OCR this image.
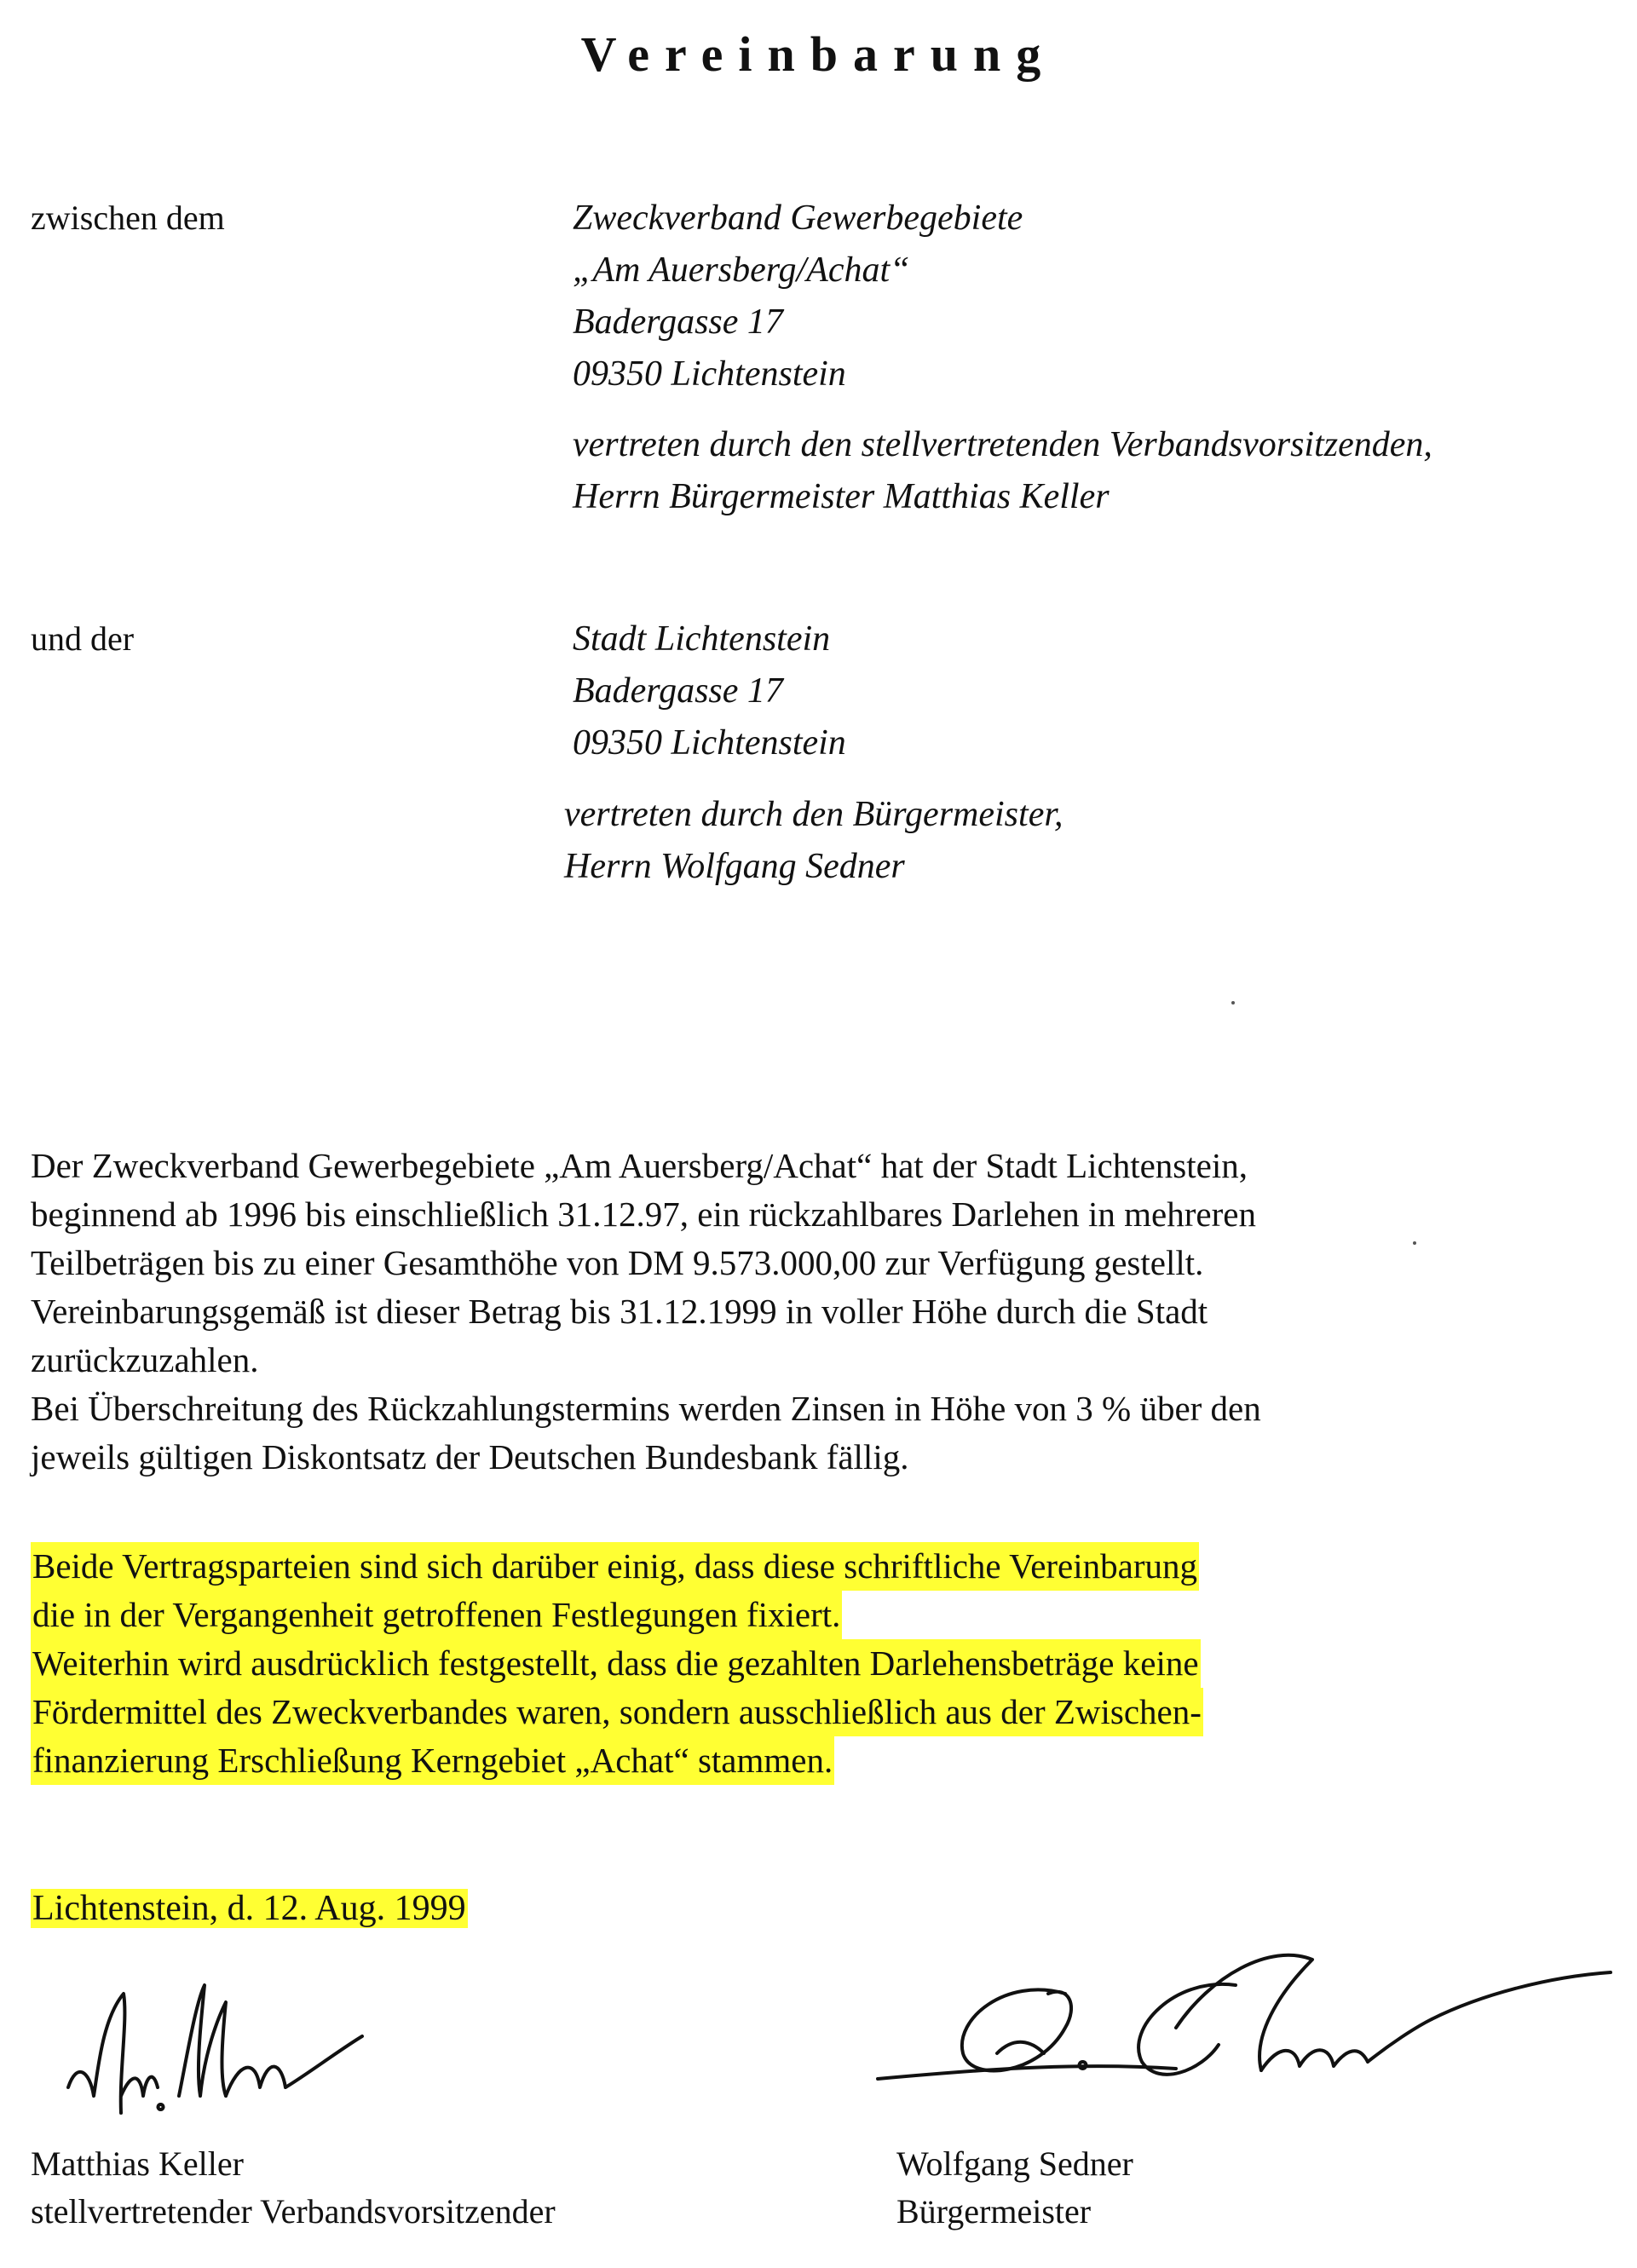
Vereinbarung
zwischen dem	Zweckverband Gewerbegebiete
„Am Auersberg/Achat“
Badergasse 17
09350 Lichtenstein
vertreten durch den stellvertretenden Verbandsvorsitzenden,
Herrn Bürgermeister Matthias Keller
und der	Stadt Lichtenstein
Badergasse 17
09350 Lichtenstein
vertreten durch den Bürgermeister,
Herrn Wolfgang Sedner
Der Zweckverband Gewerbegebiete „Am Auersberg/Achat“ hat der Stadt Lichtenstein,
beginnend ab 1996 bis einschließlich 31.12.97, ein rückzahlbares Darlehen in mehreren
Teilbeträgen bis zu einer Gesamthöhe von DM 9.573.000,00 zur Verfügung gestellt.
Vereinbarungsgemäß ist dieser Betrag bis 31.12.1999 in voller Höhe durch die Stadt
zurückzuzahlen.
Bei Überschreitung des Rückzahlungstermins werden Zinsen in Höhe von 3 % über den
jeweils gültigen Diskontsatz der Deutschen Bundesbank fällig.
Beide Vertragsparteien sind sich darüber einig, dass diese schriftliche Vereinbarung
die in der Vergangenheit getroffenen Festlegungen fixiert.
Weiterhin wird ausdrücklich festgestellt, dass die gezahlten Darlehensbeträge keine
Fördermittel des Zweckverbandes waren, sondern ausschließlich aus der Zwischen-
finanzierung Erschließung Kerngebiet „Achat“ stammen.
Lichtenstein, d. 12. Aug. 1999
Matthias Keller
stellvertretender Verbandsvorsitzender
Wolfgang Sedner
Bürgermeister
